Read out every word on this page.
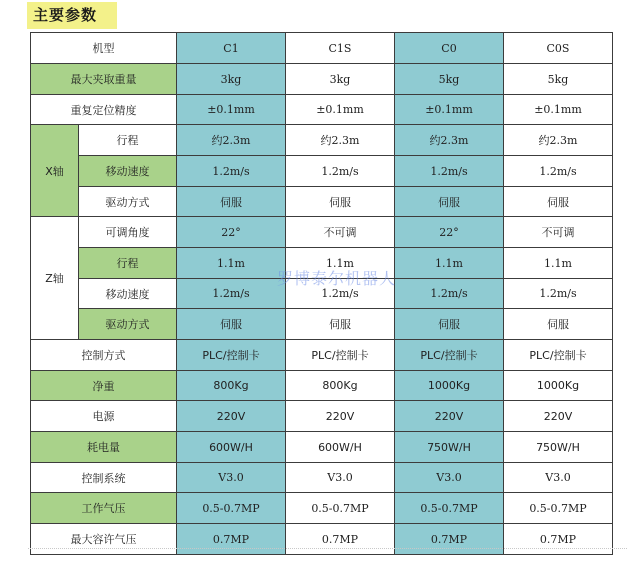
主要参数
机型		C1	C1S	C0	C0S
最大夹取重量		3kg	3kg	5kg	5kg
重复定位精度		±0.1mm	±0.1mm	±0.1mm	±0.1mm
X轴	行程	约2.3m	约2.3m	约2.3m	约2.3m
	移动速度	1.2m/s	1.2m/s	1.2m/s	1.2m/s
	驱动方式	伺服	伺服	伺服	伺服
Z轴	可调角度	22°	不可调	22°	不可调
	行程	1.1m	1.1m	1.1m	1.1m
	移动速度	1.2m/s	1.2m/s	1.2m/s	1.2m/s
	驱动方式	伺服	伺服	伺服	伺服
控制方式		PLC/控制卡	PLC/控制卡	PLC/控制卡	PLC/控制卡
净重		800Kg	800Kg	1000Kg	1000Kg
电源		220V	220V	220V	220V
耗电量		600W/H	600W/H	750W/H	750W/H
控制系统		V3.0	V3.0	V3.0	V3.0
工作气压		0.5-0.7MP	0.5-0.7MP	0.5-0.7MP	0.5-0.7MP
最大容许气压		0.7MP	0.7MP	0.7MP	0.7MP
罗博泰尔机器人
